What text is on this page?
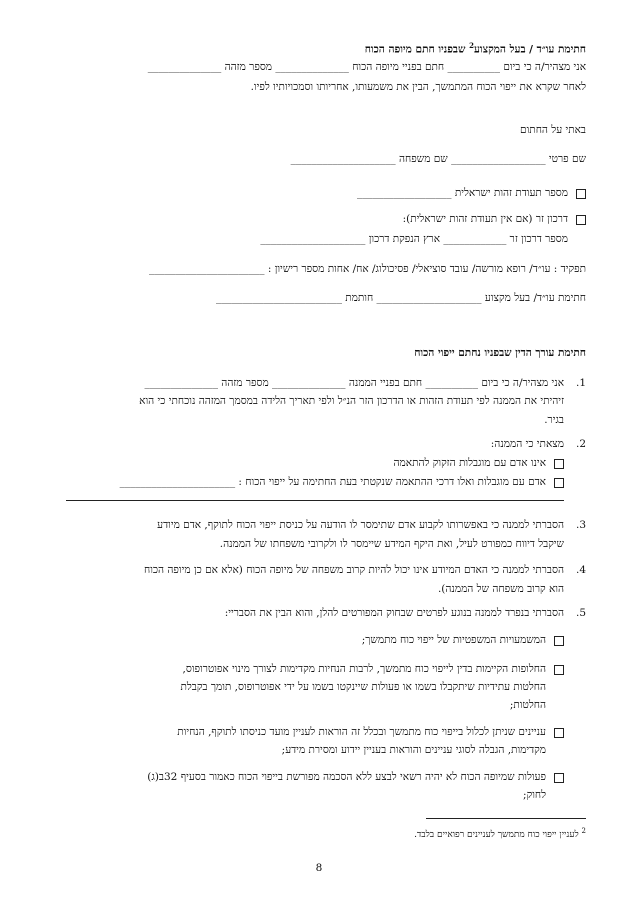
חתימת עו״ד / בעל המקצוע$^2$ שבפניו חתם מיופה הכוח
אני מצהיר/ה כי ביום __________ חתם בפניי מיופה הכוח ______________ מספר מזהה ______________
לאחר שקרא את ייפוי הכוח המתמשך, הבין את משמעותו, אחריותו וסמכויותיו לפיו.
באתי על החתום
שם פרטי __________________ שם משפחה ____________________
מספר תעודת זהות ישראלית __________________
דרכון זר (אם אין תעודת זהות ישראלית):
מספר דרכון זר ____________ ארץ הנפקת דרכון ____________________
תפקיד : עו״ד/ רופא מורשה/ עובד סוציאלי/ פסיכולוג/ אח/ אחות מספר רישיון : ______________________
חתימת עו״ד/ בעל מקצוע ____________________ חותמת ________________________
חתימת עורך הדין שבפניו נחתם ייפוי הכוח
1.
אני מצהיר/ה כי ביום __________ חתם בפניי הממנה ______________ מספר מזהה ______________
זיהיתי את הממנה לפי תעודת הזהות או הדרכון הזר הנ״ל ולפי תאריך הלידה במסמך המזהה נוכחתי כי הוא
בגיר.
2.
מצאתי כי הממנה:
אינו אדם עם מוגבלות הזקוק להתאמה
אדם עם מוגבלות ואלו דרכי ההתאמה שנקטתי בעת החתימה על ייפוי הכוח : ______________________
3.
הסברתי לממנה כי באפשרותו לקבוע אדם שתימסר לו הודעה על כניסת ייפוי הכוח לתוקף, אדם מיודע
שיקבל דיווח כמפורט לעיל, ואת היקף המידע שיימסר לו ולקרובי משפחתו של הממנה.
4.
הסברתי לממנה כי האדם המיודע אינו יכול להיות קרוב משפחה של מיופה הכוח (אלא אם כן מיופה הכוח
הוא קרוב משפחה של הממנה).
5.
הסברתי בנפרד לממנה בנוגע לפרטים שבחוק המפורטים להלן, והוא הבין את הסבריי:
המשמעויות המשפטיות של ייפוי כוח מתמשך;
החלופות הקיימות בדין לייפוי כוח מתמשך, לרבות הנחיות מקדימות לצורך מינוי אפוטרופוס,
החלטות עתידיות שיתקבלו בשמו או פעולות שיינקטו בשמו על ידי אפוטרופוס, תומך בקבלת
החלטות;
עניינים שניתן לכלול בייפוי כוח מתמשך ובכלל זה הוראות לעניין מועד כניסתו לתוקף, הנחיות
מקדימות, הגבלה לסוגי עניינים והוראות בעניין יידוע ומסירת מידע;
פעולות שמיופה הכוח לא יהיה רשאי לבצע ללא הסכמה מפורשת בייפוי הכוח כאמור בסעיף 32ב(ג)
לחוק;
$^2$ לעניין ייפוי כוח מתמשך לעניינים רפואיים בלבד.
8
